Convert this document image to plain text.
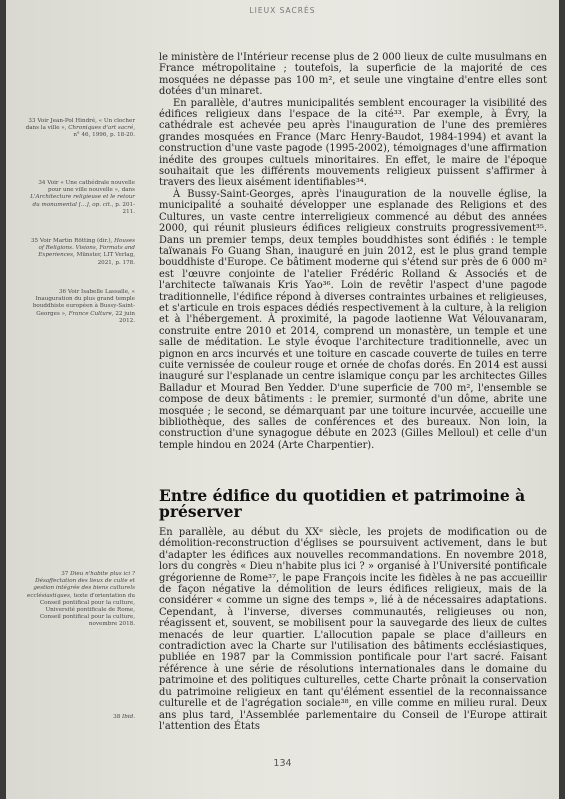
LIEUX SACRÉS
33 Voir Jean-Pol Hindré, « Un clocher dans la ville », Chroniques d'art sacré, n° 46, 1996, p. 18-20.
34 Voir « Une cathédrale nouvelle pour une ville nouvelle », dans L'Architecture religieuse et le retour du monumental […], op. cit., p. 201-211.
35 Voir Martin Rötting (dir.), Houses of Religions. Visions, Formats and Experiences, Münster, LIT Verlag, 2021, p. 178.
36 Voir Isabelle Lassalle, « Inauguration du plus grand temple bouddhiste européen à Bussy-Saint-Georges », France Culture, 22 juin 2012.
37 Dieu n'habite plus ici ? Désaffectation des lieux de culte et gestion intégrée des biens culturels ecclésiastiques, texte d'orientation du Conseil pontifical pour la culture, Université pontificale de Rome, Conseil pontifical pour la culture, novembre 2018.
38 Ibid.

le ministère de l'Intérieur recense plus de 2 000 lieux de culte musulmans en France métropolitaine ; toutefois, la superficie de la majorité de ces mosquées ne dépasse pas 100 m², et seule une vingtaine d'entre elles sont dotées d'un minaret.

En parallèle, d'autres municipalités semblent encourager la visibilité des édifices religieux dans l'espace de la cité³³. Par exemple, à Évry, la cathédrale est achevée peu après l'inauguration de l'une des premières grandes mosquées en France (Marc Henry-Baudot, 1984-1994) et avant la construction d'une vaste pagode (1995-2002), témoignages d'une affirmation inédite des groupes cultuels minoritaires. En effet, le maire de l'époque souhaitait que les différents mouvements religieux puissent s'affirmer à travers des lieux aisément identifiables³⁴.

À Bussy-Saint-Georges, après l'inauguration de la nouvelle église, la municipalité a souhaité développer une esplanade des Religions et des Cultures, un vaste centre interreligieux commencé au début des années 2000, qui réunit plusieurs édifices religieux construits progressivement³⁵. Dans un premier temps, deux temples bouddhistes sont édifiés : le temple taïwanais Fo Guang Shan, inauguré en juin 2012, est le plus grand temple bouddhiste d'Europe. Ce bâtiment moderne qui s'étend sur près de 6 000 m² est l'œuvre conjointe de l'atelier Frédéric Rolland & Associés et de l'architecte taïwanais Kris Yao³⁶. Loin de revêtir l'aspect d'une pagode traditionnelle, l'édifice répond à diverses contraintes urbaines et religieuses, et s'articule en trois espaces dédiés respectivement à la culture, à la religion et à l'hébergement. À proximité, la pagode laotienne Wat Vélouvanaram, construite entre 2010 et 2014, comprend un monastère, un temple et une salle de méditation. Le style évoque l'architecture traditionnelle, avec un pignon en arcs incurvés et une toiture en cascade couverte de tuiles en terre cuite vernissée de couleur rouge et ornée de chofas dorés. En 2014 est aussi inauguré sur l'esplanade un centre islamique conçu par les architectes Gilles Balladur et Mourad Ben Yedder. D'une superficie de 700 m², l'ensemble se compose de deux bâtiments : le premier, surmonté d'un dôme, abrite une mosquée ; le second, se démarquant par une toiture incurvée, accueille une bibliothèque, des salles de conférences et des bureaux. Non loin, la construction d'une synagogue débute en 2023 (Gilles Melloul) et celle d'un temple hindou en 2024 (Arte Charpentier).

Entre édifice du quotidien et patrimoine à préserver

En parallèle, au début du XXᵉ siècle, les projets de modification ou de démolition-reconstruction d'églises se poursuivent activement, dans le but d'adapter les édifices aux nouvelles recommandations. En novembre 2018, lors du congrès « Dieu n'habite plus ici ? » organisé à l'Université pontificale grégorienne de Rome³⁷, le pape François incite les fidèles à ne pas accueillir de façon négative la démolition de leurs édifices religieux, mais de la considérer « comme un signe des temps », lié à de nécessaires adaptations. Cependant, à l'inverse, diverses communautés, religieuses ou non, réagissent et, souvent, se mobilisent pour la sauvegarde des lieux de cultes menacés de leur quartier. L'allocution papale se place d'ailleurs en contradiction avec la Charte sur l'utilisation des bâtiments ecclésiastiques, publiée en 1987 par la Commission pontificale pour l'art sacré. Faisant référence à une série de résolutions internationales dans le domaine du patrimoine et des politiques culturelles, cette Charte prônait la conservation du patrimoine religieux en tant qu'élément essentiel de la reconnaissance culturelle et de l'agrégation sociale³⁸, en ville comme en milieu rural. Deux ans plus tard, l'Assemblée parlementaire du Conseil de l'Europe attirait l'attention des États

134
